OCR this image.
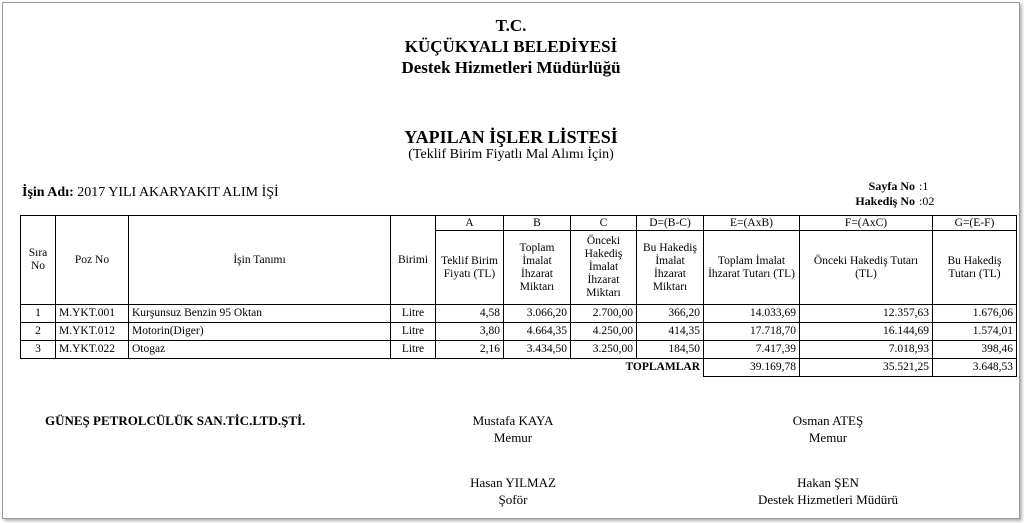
T.C.
KÜÇÜKYALI BELEDİYESİ
Destek Hizmetleri Müdürlüğü
YAPILAN İŞLER LİSTESİ
(Teklif Birim Fiyatlı Mal Alımı İçin)
İşin Adı: 2017 YILI AKARYAKIT ALIM İŞİ	Sayfa No :1
Hakediş No :02
Sıra No	Poz No	İşin Tanımı	Birimi	A	B	C	D=(B-C)	E=(AxB)	F=(AxC)	G=(E-F)
				Teklif Birim Fiyatı (TL)	Toplam İmalat İhzarat Miktarı	Önceki Hakediş İmalat İhzarat Miktarı	Bu Hakediş İmalat İhzarat Miktarı	Toplam İmalat İhzarat Tutarı (TL)	Önceki Hakediş Tutarı (TL)	Bu Hakediş Tutarı (TL)
1	M.YKT.001	Kurşunsuz Benzin 95 Oktan	Litre	4,58	3.066,20	2.700,00	366,20	14.033,69	12.357,63	1.676,06
2	M.YKT.012	Motorin(Diger)	Litre	3,80	4.664,35	4.250,00	414,35	17.718,70	16.144,69	1.574,01
3	M.YKT.022	Otogaz	Litre	2,16	3.434,50	3.250,00	184,50	7.417,39	7.018,93	398,46
				TOPLAMLAR				39.169,78	35.521,25	3.648,53
GÜNEŞ PETROLCÜLÜK SAN.TİC.LTD.ŞTİ.	Mustafa KAYA
Memur
Osman ATEŞ
Memur
Hasan YILMAZ
Şoför
Hakan ŞEN
Destek Hizmetleri Müdürü
